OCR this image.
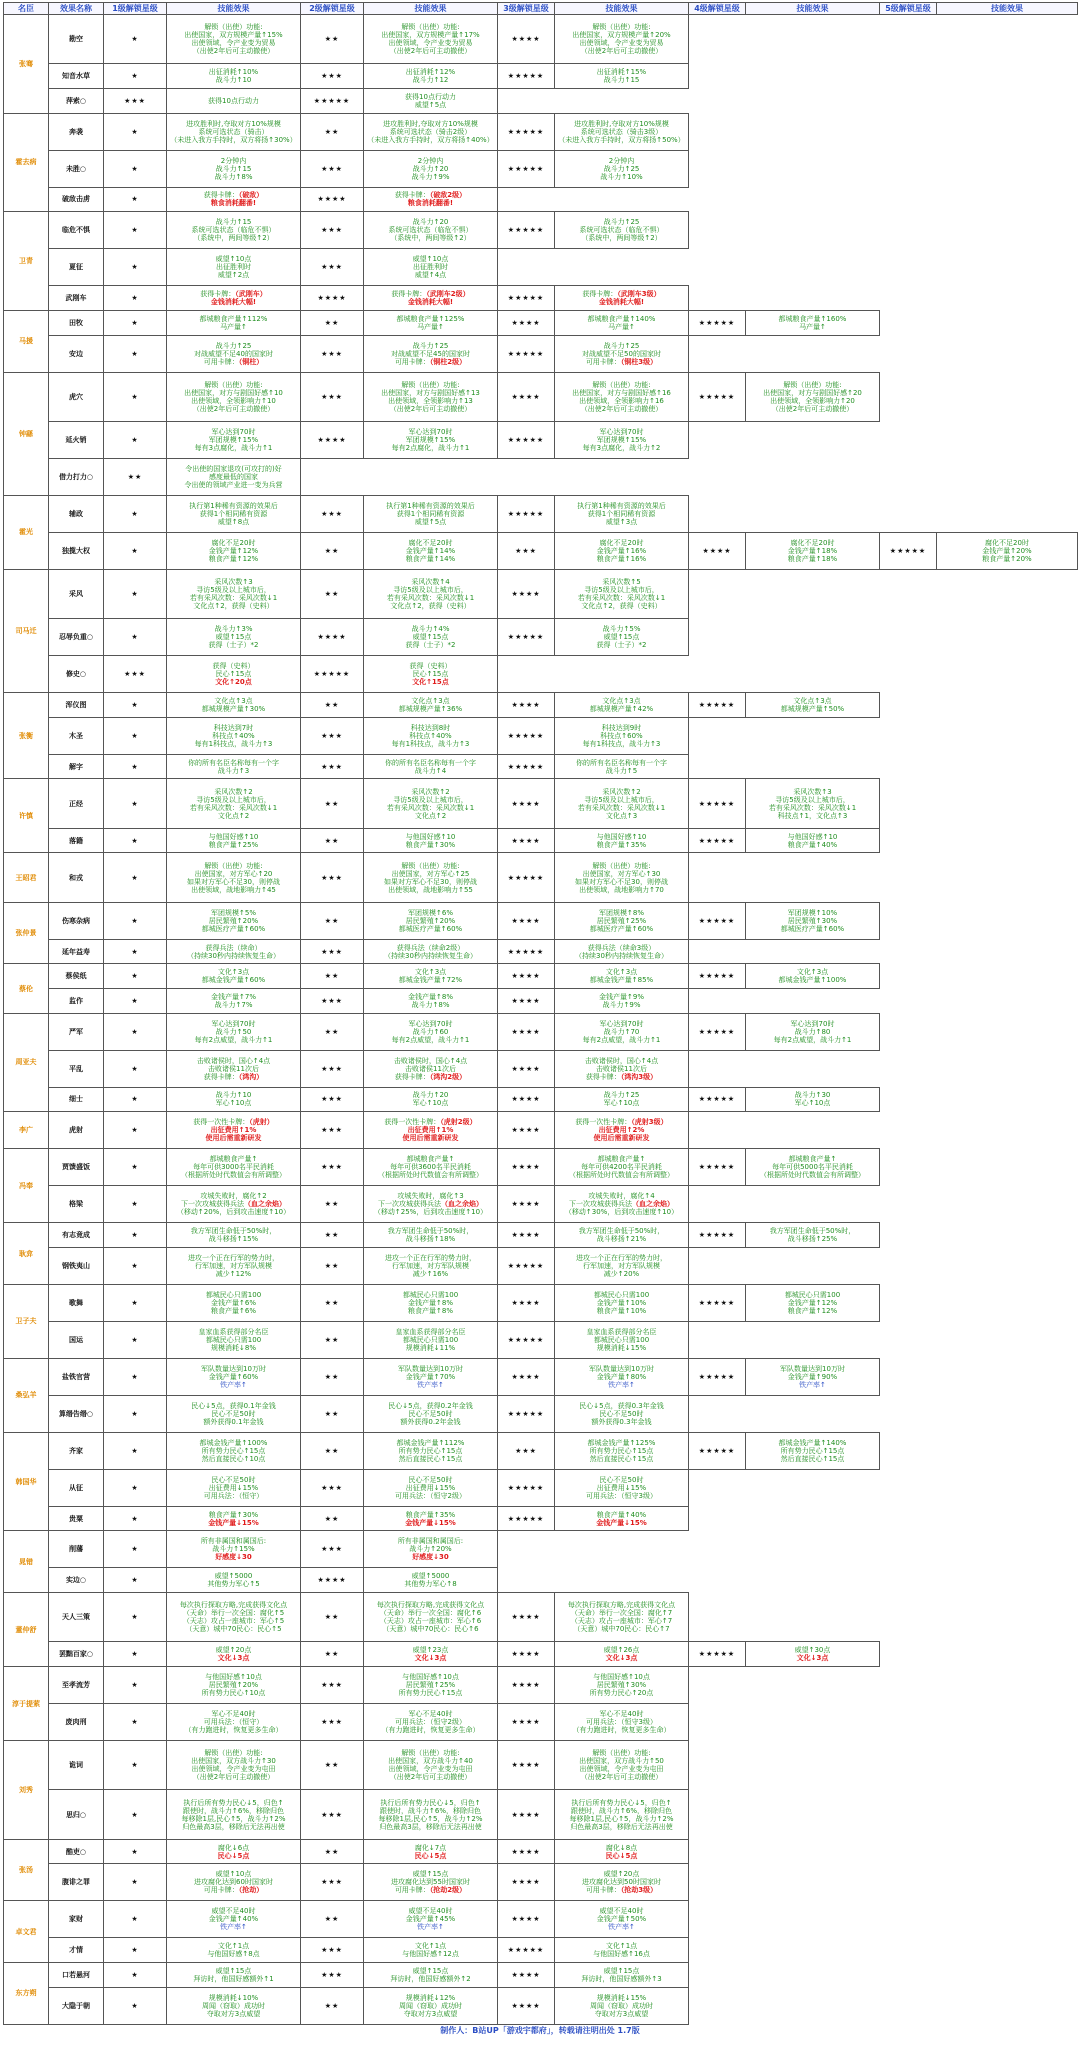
名臣	效果名称	1级解锁星级	技能效果	2级解锁星级	技能效果	3级解锁星级	技能效果	4级解锁星级	技能效果	5级解锁星级	技能效果
张骞	勘空	★	解锁（出使）功能:
出使国家，双方规模产量↑15%
出使领域，令产业变为贸易
（出使2年后可主动撤使）	★★	解锁（出使）功能:
出使国家，双方规模产量↑17%
出使领域，令产业变为贸易
（出使2年后可主动撤使）	★★★★	解锁（出使）功能:
出使国家，双方规模产量↑20%
出使领域，令产业变为贸易
（出使2年后可主动撤使）				
	知音水草	★	出征消耗↑10%
战斗力↑10	★★★	出征消耗↑12%
战斗力↑12	★★★★★	出征消耗↑15%
战斗力↑15				
	萍索○	★★★	获得10点行动力	★★★★★	获得10点行动力
威望↑5点						
霍去病	奔袭	★	进攻胜利时,夺取对方10%规模
系统可选状态（骑击）
（未进入我方手持时，双方将扬↑30%）	★★	进攻胜利时,夺取对方10%规模
系统可选状态（骑击2级）
（未进入我方手持时，双方将扬↑40%）	★★★★★	进攻胜利时,夺取对方10%规模
系统可选状态（骑击3级）
（未进入我方手持时，双方将扬↑50%）				
	未胜○	★	2分钟内
战斗力↑15
战斗力↑8%	★★★	2分钟内
战斗力↑20
战斗力↑9%	★★★★★	2分钟内
战斗力↑25
战斗力↑10%				
	破敌击虏	★	获得卡牌：（破敌）
粮食消耗翻番!	★★★★	获得卡牌：（破敌2级）
粮食消耗翻番!						
卫青	临危不惧	★	战斗力↑15
系统可选状态（临危不惧）
（系统中，两间等级↑2）	★★★	战斗力↑20
系统可选状态（临危不惧）
（系统中，两间等级↑2）	★★★★★	战斗力↑25
系统可选状态（临危不惧）
（系统中，两间等级↑2）				
	夏征	★	威望↑10点
出征胜利时
威望↑2点	★★★	威望↑10点
出征胜利时
威望↑4点						
	武刚车	★	获得卡牌：（武刚车）
金钱消耗大幅!	★★★★	获得卡牌：（武刚车2级）
金钱消耗大幅!	★★★★★	获得卡牌：（武刚车3级）
金钱消耗大幅!				
马援	田牧	★	都城粮食产量↑112%
马产量↑	★★	都城粮食产量↑125%
马产量↑	★★★★	都城粮食产量↑140%
马产量↑	★★★★★	都城粮食产量↑160%
马产量↑		
	安边	★	战斗力↑25
对战威望不足40的国家时
可用卡牌：（铜柱）	★★★	战斗力↑25
对战威望不足45的国家时
可用卡牌：（铜柱2级）	★★★★★	战斗力↑25
对战威望不足50的国家时
可用卡牌：（铜柱3级）				
钟繇	虎穴	★	解锁（出使）功能:
出使国家，对方与剧国好感↑10
出使领域，全领影响力↑10
（出使2年后可主动撤使）	★★★	解锁（出使）功能:
出使国家，对方与剧国好感↑13
出使领域，全领影响力↑13
（出使2年后可主动撤使）	★★★★	解锁（出使）功能:
出使国家，对方与剧国好感↑16
出使领域，全领影响力↑16
（出使2年后可主动撤使）	★★★★★	解锁（出使）功能:
出使国家，对方与剧国好感↑20
出使领域，全领影响力↑20
（出使2年后可主动撤使）		
	延火销	★	军心达到70时
军团规模↑15%
每有3点腐化，战斗力↑1	★★★★	军心达到70时
军团规模↑15%
每有2点腐化，战斗力↑1	★★★★★	军心达到70时
军团规模↑15%
每有3点腐化，战斗力↑2				
	借力打力○	★★	令出使的国家退攻(可攻打的)好
感度最低的国家
令出使的领域产业进一变为兵营								
霍光	辅政	★	执行第1种稀有资源的效果后
获得1个相同稀有资源
威望↑8点	★★★	执行第1种稀有资源的效果后
获得1个相同稀有资源
威望↑5点	★★★★★	执行第1种稀有资源的效果后
获得1个相同稀有资源
威望↑3点				
	独揽大权	★	腐化不足20时
金钱产量↑12%
粮食产量↑12%	★★	腐化不足20时
金钱产量↑14%
粮食产量↑14%	★★★	腐化不足20时
金钱产量↑16%
粮食产量↑16%	★★★★	腐化不足20时
金钱产量↑18%
粮食产量↑18%	★★★★★	腐化不足20时
金钱产量↑20%
粮食产量↑20%
司马迁	采风	★	采风次数↑3
寻访5级及以上城市后，
若有采风次数：采风次数↓1
文化点↑2，获得（史料）	★★	采风次数↑4
寻访5级及以上城市后，
若有采风次数：采风次数↓1
文化点↑2，获得（史料）	★★★★	采风次数↑5
寻访5级及以上城市后，
若有采风次数：采风次数↓1
文化点↑2，获得（史料）				
	忍辱负重○	★	战斗力↑3%
威望↑15点
获得（士子）*2	★★★★	战斗力↑4%
威望↑15点
获得（士子）*2	★★★★★	战斗力↑5%
威望↑15点
获得（士子）*2				
	修史○	★★★	获得（史料）
民心↑15点
文化↑20点	★★★★★	获得（史料）
民心↑15点
文化↑15点						
张衡	浑仪图	★	文化点↑3点
都城规模产量↑30%	★★	文化点↑3点
都城规模产量↑36%	★★★★	文化点↑3点
都城规模产量↑42%	★★★★★	文化点↑3点
都城规模产量↑50%		
	木圣	★	科技达到7时
科技点↑40%
每有1科技点，战斗力↑3	★★★	科技达到8时
科技点↑40%
每有1科技点，战斗力↑3	★★★★★	科技达到9时
科技点↑60%
每有1科技点，战斗力↑3				
	解字	★	你的所有名臣名称每有一个字
战斗力↑3	★★★	你的所有名臣名称每有一个字
战斗力↑4	★★★★★	你的所有名臣名称每有一个字
战斗力↑5				
许慎	正经	★	采风次数↑2
寻访5级及以上城市后，
若有采风次数：采风次数↓1
文化点↑2	★★	采风次数↑2
寻访5级及以上城市后，
若有采风次数：采风次数↓1
文化点↑2	★★★★	采风次数↑2
寻访5级及以上城市后，
若有采风次数：采风次数↓1
文化点↑3	★★★★★	采风次数↑3
寻访5级及以上城市后，
若有采风次数：采风次数↓1
科技点↑1，文化点↑3		
	落籍	★	与他国好感↑10
粮食产量↑25%	★★	与他国好感↑10
粮食产量↑30%	★★★★	与他国好感↑10
粮食产量↑35%	★★★★★	与他国好感↑10
粮食产量↑40%		
王昭君	和戎	★	解锁（出使）功能:
出使国家，对方军心↑20
如果对方军心不足30，则停战
出使领域，战地影响力↑45	★★★	解锁（出使）功能:
出使国家，对方军心↑25
如果对方军心不足30，则停战
出使领域，战地影响力↑55	★★★★★	解锁（出使）功能:
出使国家，对方军心↑30
如果对方军心不足30，则停战
出使领域，战地影响力↑70				
张仲景	伤寒杂病	★	军团规模↑5%
居民繁殖↑20%
都城医疗产量↑60%	★★	军团规模↑6%
居民繁殖↑20%
都城医疗产量↑60%	★★★★	军团规模↑8%
居民繁殖↑25%
都城医疗产量↑60%	★★★★★	军团规模↑10%
居民繁殖↑30%
都城医疗产量↑60%		
	延年益寿	★	获得兵法（续命）
（持续30秒内持续恢复生命）	★★★	获得兵法（续命2级）
（持续30秒内持续恢复生命）	★★★★★	获得兵法（续命3级）
（持续30秒内持续恢复生命）				
蔡伦	蔡侯纸	★	文化↑3点
都城金钱产量↑60%	★★	文化↑3点
都城金钱产量↑72%	★★★★	文化↑3点
都城金钱产量↑85%	★★★★★	文化↑3点
都城金钱产量↑100%		
	监作	★	金钱产量↑7%
战斗力↑7%	★★★	金钱产量↑8%
战斗力↑8%	★★★★	金钱产量↑9%
战斗力↑9%				
周亚夫	严军	★	军心达到70时
战斗力↑50
每有2点威望，战斗力↑1	★★	军心达到70时
战斗力↑60
每有2点威望，战斗力↑1	★★★★	军心达到70时
战斗力↑70
每有2点威望，战斗力↑1	★★★★★	军心达到70时
战斗力↑80
每有2点威望，战斗力↑1		
	平乱	★	击败诸侯时，国心↑4点
击败诸侯11次后
获得卡牌：（鸿沟）	★★★	击败诸侯时，国心↑4点
击败诸侯11次后
获得卡牌：（鸿沟2级）	★★★★	击败诸侯时，国心↑4点
击败诸侯11次后
获得卡牌：（鸿沟3级）				
	细士	★	战斗力↑10
军心↑10点	★★★	战斗力↑20
军心↑10点	★★★★	战斗力↑25
军心↑10点	★★★★★	战斗力↑30
军心↑10点		
李广	虎射	★	获得一次性卡牌：（虎射）
出征费用↑1%
使用后需重新研发	★★★	获得一次性卡牌：（虎射2级）
出征费用↑1%
使用后需重新研发	★★★★	获得一次性卡牌：（虎射3级）
出征费用↑2%
使用后需重新研发				
冯奉	贾馈盛饭	★	都城粮食产量↑
每年可供3000名平民消耗
（根据所处时代数值会有所调整）	★★★	都城粮食产量↑
每年可供3600名平民消耗
（根据所处时代数值会有所调整）	★★★★	都城粮食产量↑
每年可供4200名平民消耗
（根据所处时代数值会有所调整）	★★★★★	都城粮食产量↑
每年可供5000名平民消耗
（根据所处时代数值会有所调整）		
	格梁	★	攻城失败时，腐化↑2
下一次攻城获得兵法（血之余焰）
（移动↑20%，后到攻击速度↑10）	★★	攻城失败时，腐化↑3
下一次攻城获得兵法（血之余焰）
（移动↑25%，后到攻击速度↑10）	★★★★	攻城失败时，腐化↑4
下一次攻城获得兵法（血之余焰）
（移动↑30%，后到攻击速度↑10）				
耿弇	有志竟成	★	我方军团生命低于50%时，
战斗移扬↑15%	★★	我方军团生命低于50%时，
战斗移扬↑18%	★★★★	我方军团生命低于50%时，
战斗移扬↑21%	★★★★★	我方军团生命低于50%时，
战斗移扬↑25%		
	钢铁夷山	★	进攻一个正在行军的势力时，
行军加速，对方军队规模
减少↑12%	★★	进攻一个正在行军的势力时，
行军加速，对方军队规模
减少↑16%	★★★★★	进攻一个正在行军的势力时，
行军加速，对方军队规模
减少↑20%				
卫子夫	歌舞	★	都城民心只需100
金钱产量↑6%
粮食产量↑6%	★★	都城民心只需100
金钱产量↑8%
粮食产量↑8%	★★★★	都城民心只需100
金钱产量↑10%
粮食产量↑10%	★★★★★	都城民心只需100
金钱产量↑12%
粮食产量↑12%		
	国运	★	皇家血系获得部分名臣
都城民心只需100
规模消耗↓8%	★★	皇家血系获得部分名臣
都城民心只需100
规模消耗↓11%	★★★★★	皇家血系获得部分名臣
都城民心只需100
规模消耗↓15%				
桑弘羊	盐铁官营	★	军队数量达到10万时
金钱产量↑60%
铁产率↑	★★	军队数量达到10万时
金钱产量↑70%
铁产率↑	★★★★	军队数量达到10万时
金钱产量↑80%
铁产率↑	★★★★★	军队数量达到10万时
金钱产量↑90%
铁产率↑		
	算缗告缗○	★	民心↓5点，获得0.1年金钱
民心不足50时
额外获得0.1年金钱	★★	民心↓5点，获得0.2年金钱
民心不足50时
额外获得0.2年金钱	★★★★★	民心↓5点，获得0.3年金钱
民心不足50时
额外获得0.3年金钱				
韩国华	齐家	★	都城金钱产量↑100%
所有势力民心↑15点
然后直接民心↑10点	★★	都城金钱产量↑112%
所有势力民心↑15点
然后直接民心↑15点	★★★	都城金钱产量↑125%
所有势力民心↑15点
然后直接民心↑15点	★★★★★	都城金钱产量↑140%
所有势力民心↑15点
然后直接民心↑15点		
	从征	★	民心不足50时
出征费用↓15%
可用兵法：（恒守）	★★★	民心不足50时
出征费用↓15%
可用兵法：（恒守2级）	★★★★★	民心不足50时
出征费用↓15%
可用兵法：（恒守3级）				
	贵粟	★	粮食产量↑30%
金钱产量↓15%	★★	粮食产量↑35%
金钱产量↓15%	★★★★★	粮食产量↑40%
金钱产量↓15%				
晁错	削藩	★	所有非属国和属国后:
战斗力↑15%
好感度↓30	★★★	所有非属国和属国后:
战斗力↑20%
好感度↓30						
	实边○	★	威望↑5000
其他势力军心↑5	★★★★	威望↑5000
其他势力军心↑8						
董仲舒	天人三策	★	每次执行探取方略,完成获得文化点
（天命）举行一次全国：腐化↑5
（天志）攻占一座城市：军心↑5
（天意）城中70民心：民心↑5	★★	每次执行探取方略,完成获得文化点
（天命）举行一次全国：腐化↑6
（天志）攻占一座城市：军心↑6
（天意）城中70民心：民心↑6	★★★★	每次执行探取方略,完成获得文化点
（天命）举行一次全国：腐化↑7
（天志）攻占一座城市：军心↑7
（天意）城中70民心：民心↑7				
	罢黜百家○	★	威望↑20点
文化↓3点	★★	威望↑23点
文化↓3点	★★★★	威望↑26点
文化↓3点	★★★★★	威望↑30点
文化↓3点		
淳于提萦	至孝流芳	★	与他国好感↑10点
居民繁殖↑20%
所有势力民心↑10点	★★★	与他国好感↑10点
居民繁殖↑25%
所有势力民心↑15点	★★★★	与他国好感↑10点
居民繁殖↑30%
所有势力民心↑20点				
	废肉刑	★	军心不足40时
可用兵法：（恒守）
（有力跑进时，恢复更多生命）	★★★	军心不足40时
可用兵法：（恒守2级）
（有力跑进时，恢复更多生命）	★★★★	军心不足40时
可用兵法：（恒守3级）
（有力跑进时，恢复更多生命）				
刘秀	诡词	★	解锁（出使）功能:
出使国家，双方战斗力↑30
出使领域，令产业变为屯田
（出使2年后可主动撤使）	★★	解锁（出使）功能:
出使国家，双方战斗力↑40
出使领域，令产业变为屯田
（出使2年后可主动撤使）	★★★★	解锁（出使）功能:
出使国家，双方战斗力↑50
出使领域，令产业变为屯田
（出使2年后可主动撤使）				
	思归○	★	执行后所有势力民心↓5，归色↑
跟使时，战斗力↑6%，移除归色
每移除1层,民心↑5，战斗力↑2%
归色最高3层，移除后无法再出使	★★★	执行后所有势力民心↓5，归色↑
跟使时，战斗力↑6%，移除归色
每移除1层,民心↑5，战斗力↑2%
归色最高3层，移除后无法再出使	★★★★	执行后所有势力民心↓5，归色↑
跟使时，战斗力↑6%，移除归色
每移除1层,民心↑5，战斗力↑2%
归色最高3层，移除后无法再出使				
张汤	酷吏○	★	腐化↓6点
民心↓5点	★★	腐化↓7点
民心↓5点	★★★★	腐化↓8点
民心↓5点				
	腹诽之罪	★	威望↑10点
进攻腐化达到60时国家时
可用卡牌：（抢劫）	★★★	威望↑15点
进攻腐化达到55时国家时
可用卡牌：（抢劫2级）	★★★★	威望↑20点
进攻腐化达到50时国家时
可用卡牌：（抢劫3级）				
卓文君	家财	★	威望不足40时
金钱产量↑40%
铁产率↑	★★	威望不足40时
金钱产量↑45%
铁产率↑	★★★★	威望不足40时
金钱产量↑50%
铁产率↑				
	才情	★	文化↑1点
与他国好感↑8点	★★★	文化↑1点
与他国好感↑12点	★★★★★	文化↑1点
与他国好感↑16点				
东方朔	口若悬河	★	威望↑15点
拜访时，他国好感额外↑1	★★★	威望↑15点
拜访时，他国好感额外↑2	★★★★	威望↑15点
拜访时，他国好感额外↑3				
	大隐于朝	★	规模消耗↓10%
周闻（窃取）成功时
夺取对方3点威望	★★	规模消耗↓12%
周闻（窃取）成功时
夺取对方3点威望	★★★★	规模消耗↓15%
周闻（窃取）成功时
夺取对方3点威望				
制作人：B站UP「游戏宇都府」，转载请注明出处 1.7版
